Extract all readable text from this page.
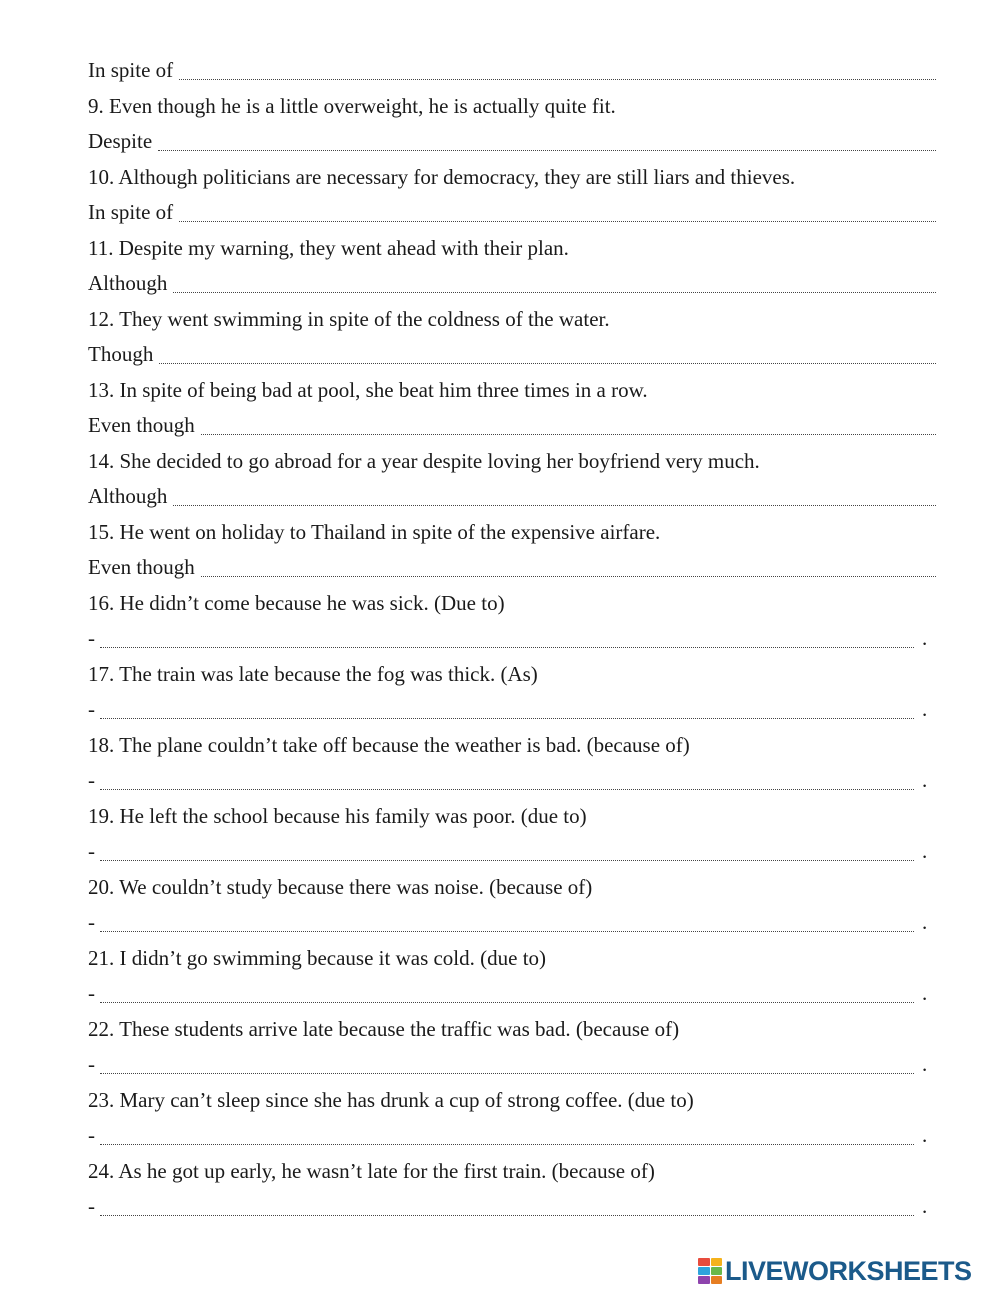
In spite of
9. Even though he is a little overweight, he is actually quite fit.
Despite
10. Although politicians are necessary for democracy, they are still liars and thieves.
In spite of
11. Despite my warning, they went ahead with their plan.
Although
12. They went swimming in spite of the coldness of the water.
Though
13. In spite of being bad at pool, she beat him three times in a row.
Even though
14. She decided to go abroad for a year despite loving her boyfriend very much.
Although
15. He went on holiday to Thailand in spite of the expensive airfare.
Even though
16. He didn’t come because he was sick. (Due to)
-	.
17. The train was late because the fog was thick. (As)
-	.
18. The plane couldn’t take off because the weather is bad. (because of)
-	.
19. He left the school because his family was poor. (due to)
-	.
20. We couldn’t study because there was noise. (because of)
-	.
21. I didn’t go swimming because it was cold. (due to)
-	.
22. These students arrive late because the traffic was bad. (because of)
-	.
23. Mary can’t sleep since she has drunk a cup of strong coffee. (due to)
-	.
24. As he got up early, he wasn’t late for the first train. (because of)
-	.
LIVEWORKSHEETS
